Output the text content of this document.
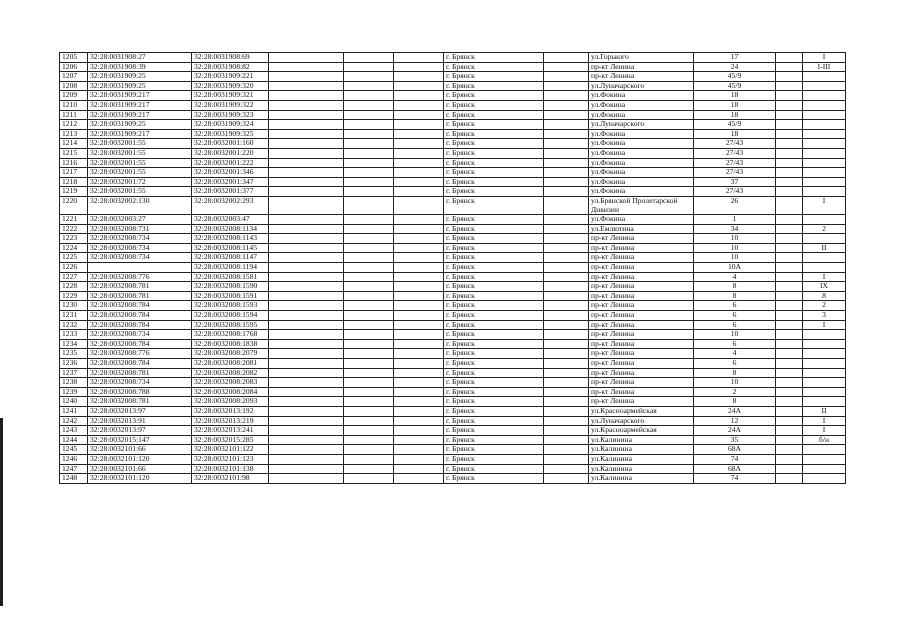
1205	32:28:0031908:27	32:28:0031908:69				г. Брянск		ул.Горького	17		I
1206	32:28:0031908:39	32:28:0031908:82				г. Брянск		пр-кт Ленина	24		I-III
1207	32:28:0031909:25	32:28:0031909:221				г. Брянск		пр-кт Ленина	45/9		
1208	32:28:0031909:25	32:28:0031909:320				г. Брянск		ул.Луначарского	45/9		
1209	32:28:0031909:217	32:28:0031909:321				г. Брянск		ул.Фокина	18		
1210	32:28:0031909:217	32:28:0031909:322				г. Брянск		ул.Фокина	18		
1211	32:28:0031909:217	32:28:0031909:323				г. Брянск		ул.Фокина	18		
1212	32:28:0031909:25	32:28:0031909:324				г. Брянск		ул.Луначарского	45/9		
1213	32:28:0031909:217	32:28:0031909:325				г. Брянск		ул.Фокина	18		
1214	32:28:0032001:55	32:28:0032001:160				г. Брянск		ул.Фокина	27/43		
1215	32:28:0032001:55	32:28:0032001:220				г. Брянск		ул.Фокина	27/43		
1216	32:28:0032001:55	32:28:0032001:222				г. Брянск		ул.Фокина	27/43		
1217	32:28:0032001:55	32:28:0032001:346				г. Брянск		ул.Фокина	27/43		
1218	32:28:0032001:72	32:28:0032001:347				г. Брянск		ул.Фокина	37		
1219	32:28:0032001:55	32:28:0032001:377				г. Брянск		ул.Фокина	27/43		
1220	32:28:0032002:130	32:28:0032002:293				г. Брянск		ул.Брянской Пролетарской Дивизии	26		I
1221	32:28:0032003:27	32:28:0032003:47				г. Брянск		ул.Фокина	1		
1222	32:28:0032008:731	32:28:0032008:1134				г. Брянск		ул.Емлютина	34		2
1223	32:28:0032008:734	32:28:0032008:1143				г. Брянск		пр-кт Ленина	10		
1224	32:28:0032008:734	32:28:0032008:1145				г. Брянск		пр-кт Ленина	10		II
1225	32:28:0032008:734	32:28:0032008:1147				г. Брянск		пр-кт Ленина	10		
1226		32:28:0032008:1194				г. Брянск		пр-кт Ленина	10А		
1227	32:28:0032008:776	32:28:0032008:1581				г. Брянск		пр-кт Ленина	4		I
1228	32:28:0032008:781	32:28:0032008:1590				г. Брянск		пр-кт Ленина	8		IX
1229	32:28:0032008:781	32:28:0032008:1591				г. Брянск		пр-кт Ленина	8		8
1230	32:28:0032008:784	32:28:0032008:1593				г. Брянск		пр-кт Ленина	6		2
1231	32:28:0032008:784	32:28:0032008:1594				г. Брянск		пр-кт Ленина	6		3
1232	32:28:0032008:784	32:28:0032008:1595				г. Брянск		пр-кт Ленина	6		I
1233	32:28:0032008:734	32:28:0032008:1768				г. Брянск		пр-кт Ленина	10		
1234	32:28:0032008:784	32:28:0032008:1838				г. Брянск		пр-кт Ленина	6		
1235	32:28:0032008:776	32:28:0032008:2079				г. Брянск		пр-кт Ленина	4		
1236	32:28:0032008:784	32:28:0032008:2081				г. Брянск		пр-кт Ленина	6		
1237	32:28:0032008:781	32:28:0032008:2082				г. Брянск		пр-кт Ленина	8		
1238	32:28:0032008:734	32:28:0032008:2083				г. Брянск		пр-кт Ленина	10		
1239	32:28:0032008:788	32:28:0032008:2084				г. Брянск		пр-кт Ленина	2		
1240	32:28:0032008:781	32:28:0032008:2093				г. Брянск		пр-кт Ленина	8		
1241	32:28:0032013:97	32:28:0032013:192				г. Брянск		ул.Красноармейская	24А		II
1242	32:28:0032013:91	32:28:0032013:219				г. Брянск		ул.Луначарского	12		I
1243	32:28:0032013:97	32:28:0032013:241				г. Брянск		ул.Красноармейская	24А		I
1244	32:28:0032015:147	32:28:0032015:285				г. Брянск		ул.Калинина	35		б/н
1245	32:28:0032101:66	32:28:0032101:122				г. Брянск		ул.Калинина	68А		
1246	32:28:0032101:120	32:28:0032101:123				г. Брянск		ул.Калинина	74		
1247	32:28:0032101:66	32:28:0032101:138				г. Брянск		ул.Калинина	68А		
1248	32:28:0032101:120	32:28:0032101:98				г. Брянск		ул.Калинина	74		
